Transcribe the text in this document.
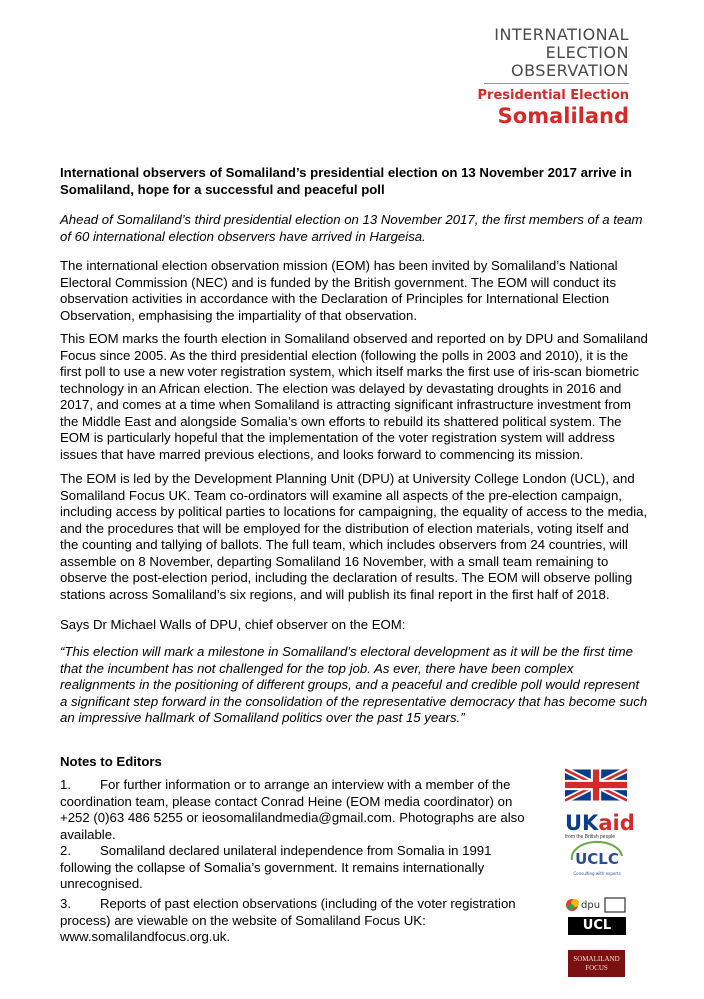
INTERNATIONAL
ELECTION
OBSERVATION
Presidential Election
Somaliland

International observers of Somaliland’s presidential election on 13 November 2017 arrive in Somaliland, hope for a successful and peaceful poll

Ahead of Somaliland’s third presidential election on 13 November 2017, the first members of a team of 60 international election observers have arrived in Hargeisa.

The international election observation mission (EOM) has been invited by Somaliland’s National Electoral Commission (NEC) and is funded by the British government. The EOM will conduct its observation activities in accordance with the Declaration of Principles for International Election Observation, emphasising the impartiality of that observation.

This EOM marks the fourth election in Somaliland observed and reported on by DPU and Somaliland Focus since 2005. As the third presidential election (following the polls in 2003 and 2010), it is the first poll to use a new voter registration system, which itself marks the first use of iris-scan biometric technology in an African election. The election was delayed by devastating droughts in 2016 and 2017, and comes at a time when Somaliland is attracting significant infrastructure investment from the Middle East and alongside Somalia’s own efforts to rebuild its shattered political system. The EOM is particularly hopeful that the implementation of the voter registration system will address issues that have marred previous elections, and looks forward to commencing its mission.

The EOM is led by the Development Planning Unit (DPU) at University College London (UCL), and Somaliland Focus UK. Team co-ordinators will examine all aspects of the pre-election campaign, including access by political parties to locations for campaigning, the equality of access to the media, and the procedures that will be employed for the distribution of election materials, voting itself and the counting and tallying of ballots. The full team, which includes observers from 24 countries, will assemble on 8 November, departing Somaliland 16 November, with a small team remaining to observe the post-election period, including the declaration of results. The EOM will observe polling stations across Somaliland’s six regions, and will publish its final report in the first half of 2018.

Says Dr Michael Walls of DPU, chief observer on the EOM:

“This election will mark a milestone in Somaliland’s electoral development as it will be the first time that the incumbent has not challenged for the top job. As ever, there have been complex realignments in the positioning of different groups, and a peaceful and credible poll would represent a significant step forward in the consolidation of the representative democracy that has become such an impressive hallmark of Somaliland politics over the past 15 years.”

Notes to Editors

1. For further information or to arrange an interview with a member of the coordination team, please contact Conrad Heine (EOM media coordinator) on +252 (0)63 486 5255 or ieosomalilandmedia@gmail.com. Photographs are also available.

2. Somaliland declared unilateral independence from Somalia in 1991 following the collapse of Somalia’s government. It remains internationally unrecognised.

3. Reports of past election observations (including of the voter registration process) are viewable on the website of Somaliland Focus UK: www.somalilandfocus.org.uk.

UKaid
from the British people
UCLC
Consulting with experts
dpu
UCL
SOMALILAND
FOCUS
